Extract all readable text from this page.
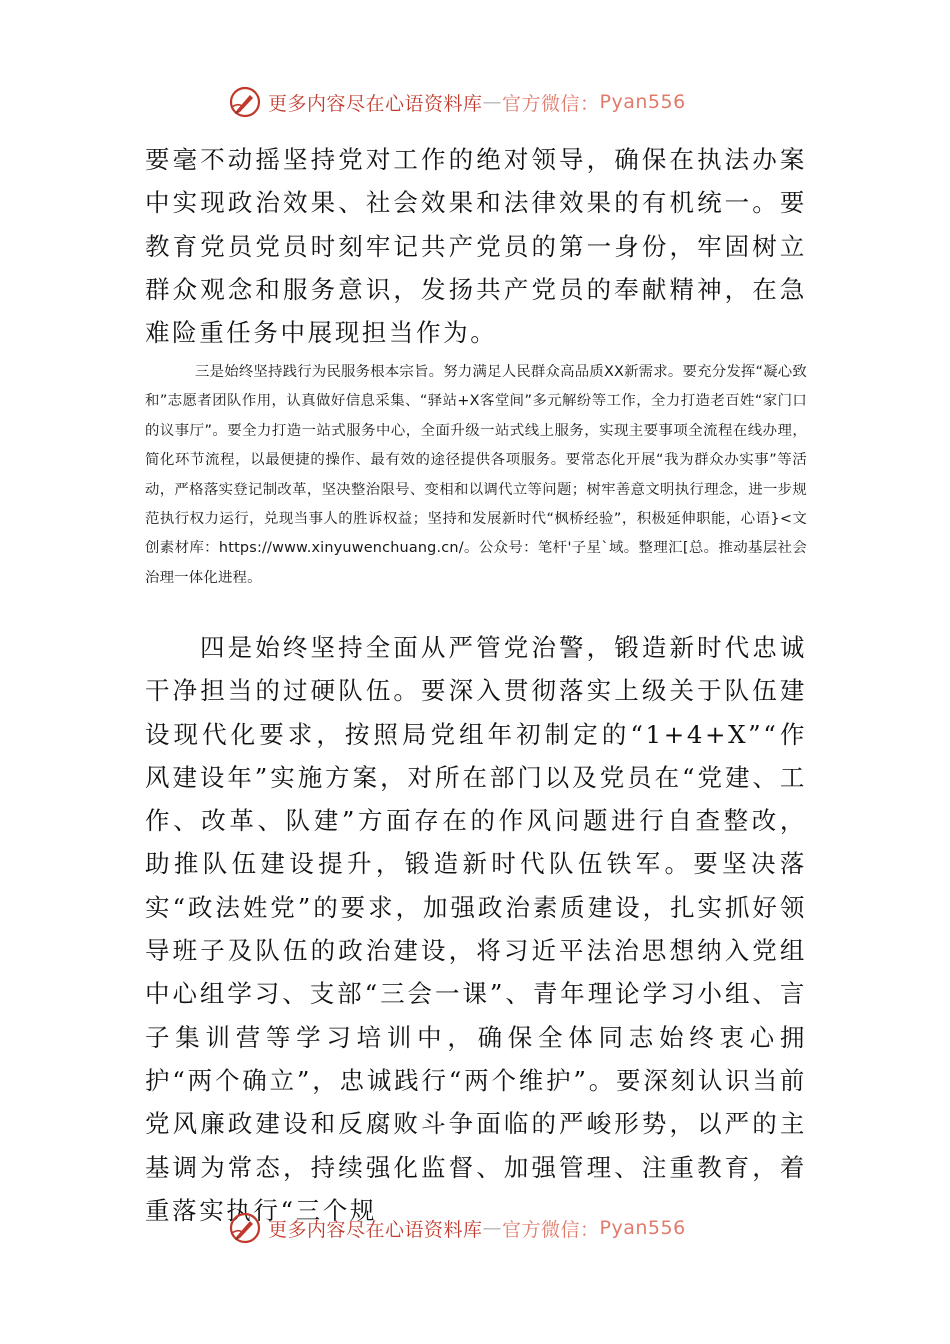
更多内容尽在心语资料库 — 官方微信： Pyan556

要毫不动摇坚持党对工作的绝对领导，确保在执法办案中实现政治效果、社会效果和法律效果的有机统一。要教育党员党员时刻牢记共产党员的第一身份，牢固树立群众观念和服务意识，发扬共产党员的奉献精神，在急难险重任务中展现担当作为。

三是始终坚持践行为民服务根本宗旨。努力满足人民群众高品质XX新需求。要充分发挥“凝心致和”志愿者团队作用，认真做好信息采集、“驿站+X客堂间”多元解纷等工作，全力打造老百姓“家门口的议事厅”。要全力打造一站式服务中心，全面升级一站式线上服务，实现主要事项全流程在线办理，简化环节流程，以最便捷的操作、最有效的途径提供各项服务。要常态化开展“我为群众办实事”等活动，严格落实登记制改革，坚决整治限号、变相和以调代立等问题；树牢善意文明执行理念，进一步规范执行权力运行，兑现当事人的胜诉权益；坚持和发展新时代“枫桥经验”，积极延伸职能，心语}<文创素材库：https://www.xinyuwenchuang.cn/。公众号：笔杆'子星`域。整理汇[总。推动基层社会治理一体化进程。

四是始终坚持全面从严管党治警，锻造新时代忠诚干净担当的过硬队伍。要深入贯彻落实上级关于队伍建设现代化要求，按照局党组年初制定的“1+4+X”“作风建设年”实施方案，对所在部门以及党员在“党建、工作、改革、队建”方面存在的作风问题进行自查整改，助推队伍建设提升，锻造新时代队伍铁军。要坚决落实“政法姓党”的要求，加强政治素质建设，扎实抓好领导班子及队伍的政治建设，将习近平法治思想纳入党组中心组学习、支部“三会一课”、青年理论学习小组、言子集训营等学习培训中，确保全体同志始终衷心拥护“两个确立”，忠诚践行“两个维护”。要深刻认识当前党风廉政建设和反腐败斗争面临的严峻形势，以严的主基调为常态，持续强化监督、加强管理、注重教育，着重落实执行“三个规

更多内容尽在心语资料库 — 官方微信： Pyan556
